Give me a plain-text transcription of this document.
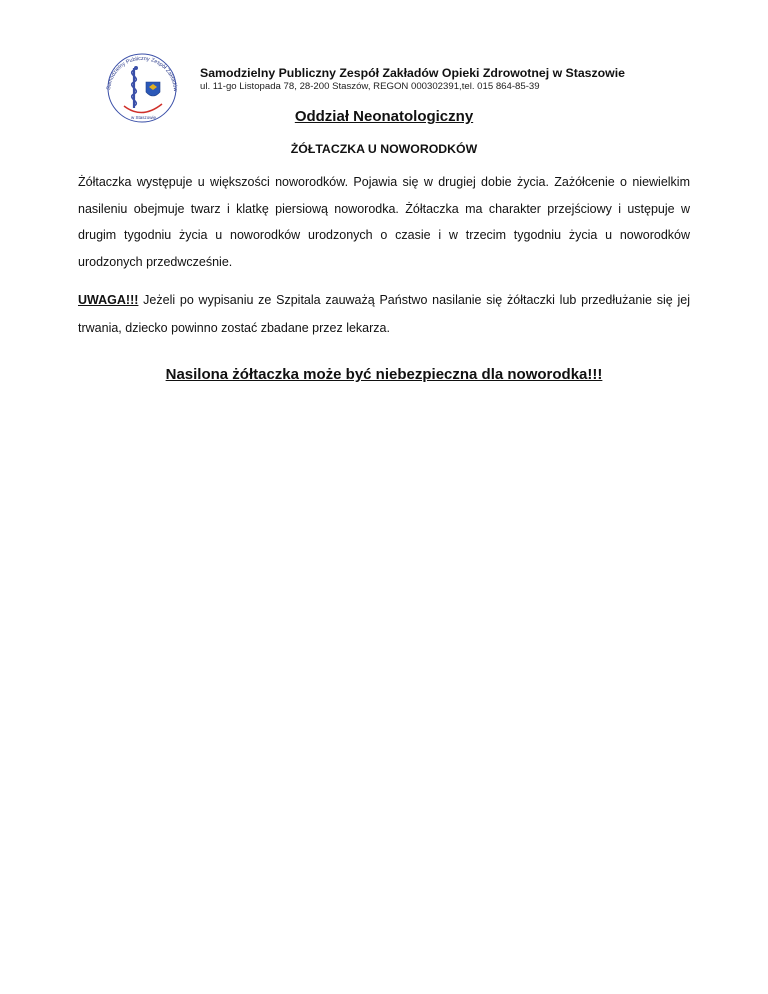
Samodzielny Publiczny Zespół Zakładów
w Staszowie
Samodzielny Publiczny Zespół Zakładów Opieki Zdrowotnej w Staszowie
ul. 11-go Listopada 78, 28-200 Staszów, REGON 000302391,tel. 015 864-85-39
Oddział Neonatologiczny
ŻÓŁTACZKA U NOWORODKÓW
Żółtaczka występuje u większości noworodków. Pojawia się w drugiej dobie życia. Zażółcenie o niewielkim nasileniu obejmuje twarz i klatkę piersiową noworodka. Żółtaczka ma charakter przejściowy i ustępuje w drugim tygodniu życia u noworodków urodzonych o czasie i w trzecim tygodniu życia u noworodków urodzonych przedwcześnie.
UWAGA!!! Jeżeli po wypisaniu ze Szpitala zauważą Państwo nasilanie się żółtaczki lub przedłużanie się jej trwania, dziecko powinno zostać zbadane przez lekarza.
Nasilona żółtaczka może być niebezpieczna dla noworodka!!!
